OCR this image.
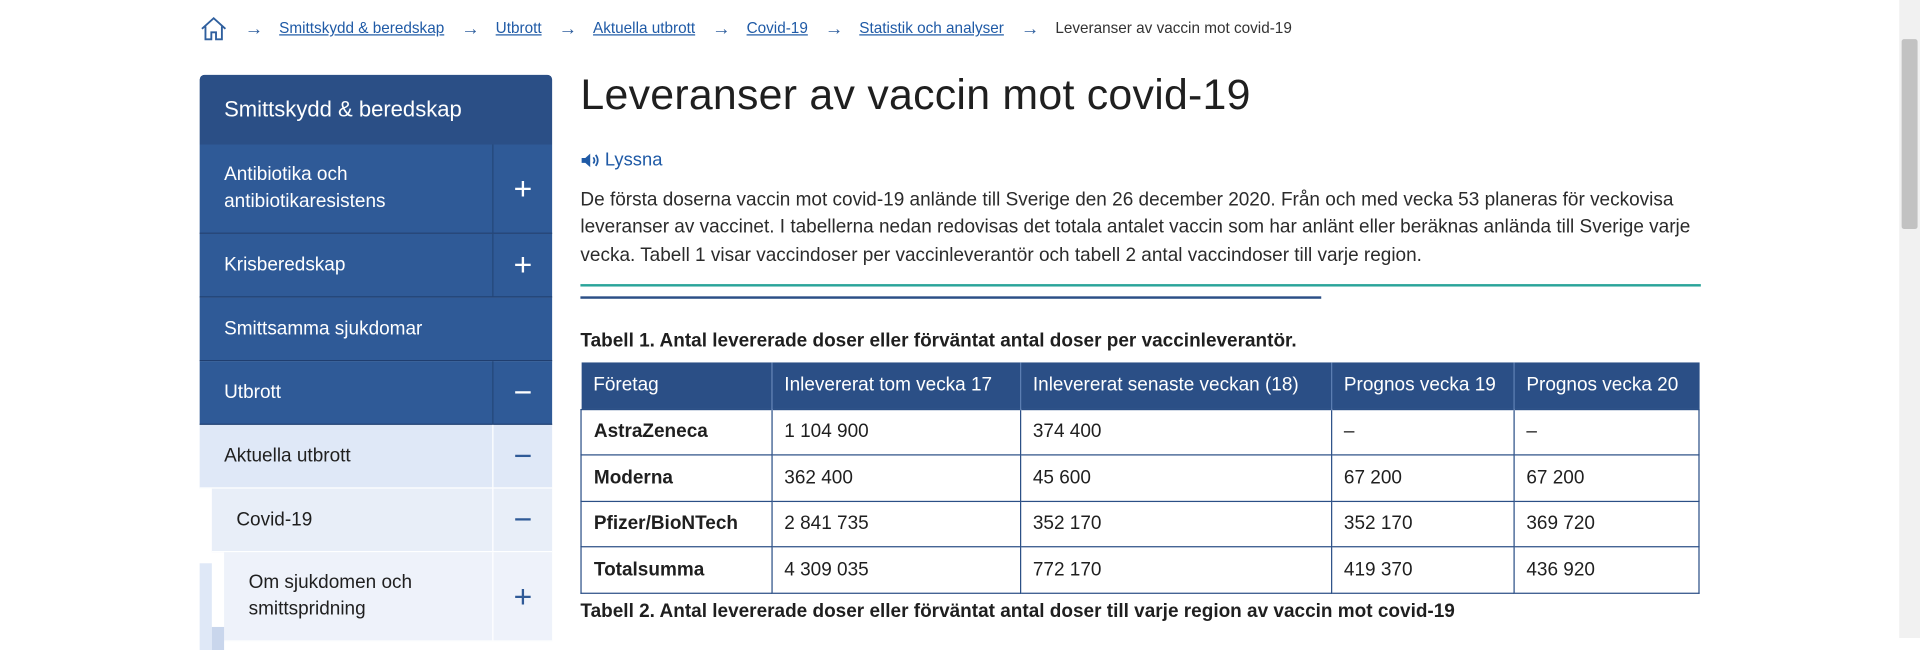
→ Smittskydd & beredskap → Utbrott → Aktuella utbrott → Covid-19 → Statistik och analyser → Leveranser av vaccin mot covid-19
Smittskydd & beredskap
Antibiotika och antibiotikaresistens	+
Krisberedskap	+
Smittsamma sjukdomar
Utbrott	−
Aktuella utbrott	−
Covid-19	−
Om sjukdomen och smittspridning	+
Leveranser av vaccin mot covid-19
Lyssna

De första doserna vaccin mot covid-19 anlände till Sverige den 26 december 2020. Från och med vecka 53 planeras för veckovisa leveranser av vaccinet. I tabellerna nedan redovisas det totala antalet vaccin som har anlänt eller beräknas anlända till Sverige varje vecka. Tabell 1 visar vaccindoser per vaccinleverantör och tabell 2 antal vaccindoser till varje region.

Tabell 1. Antal levererade doser eller förväntat antal doser per vaccinleverantör.
Företag	Inlevererat tom vecka 17	Inlevererat senaste veckan (18)	Prognos vecka 19	Prognos vecka 20
AstraZeneca	1 104 900	374 400	–	–
Moderna	362 400	45 600	67 200	67 200
Pfizer/BioNTech	2 841 735	352 170	352 170	369 720
Totalsumma	4 309 035	772 170	419 370	436 920
Tabell 2. Antal levererade doser eller förväntat antal doser till varje region av vaccin mot covid-19
